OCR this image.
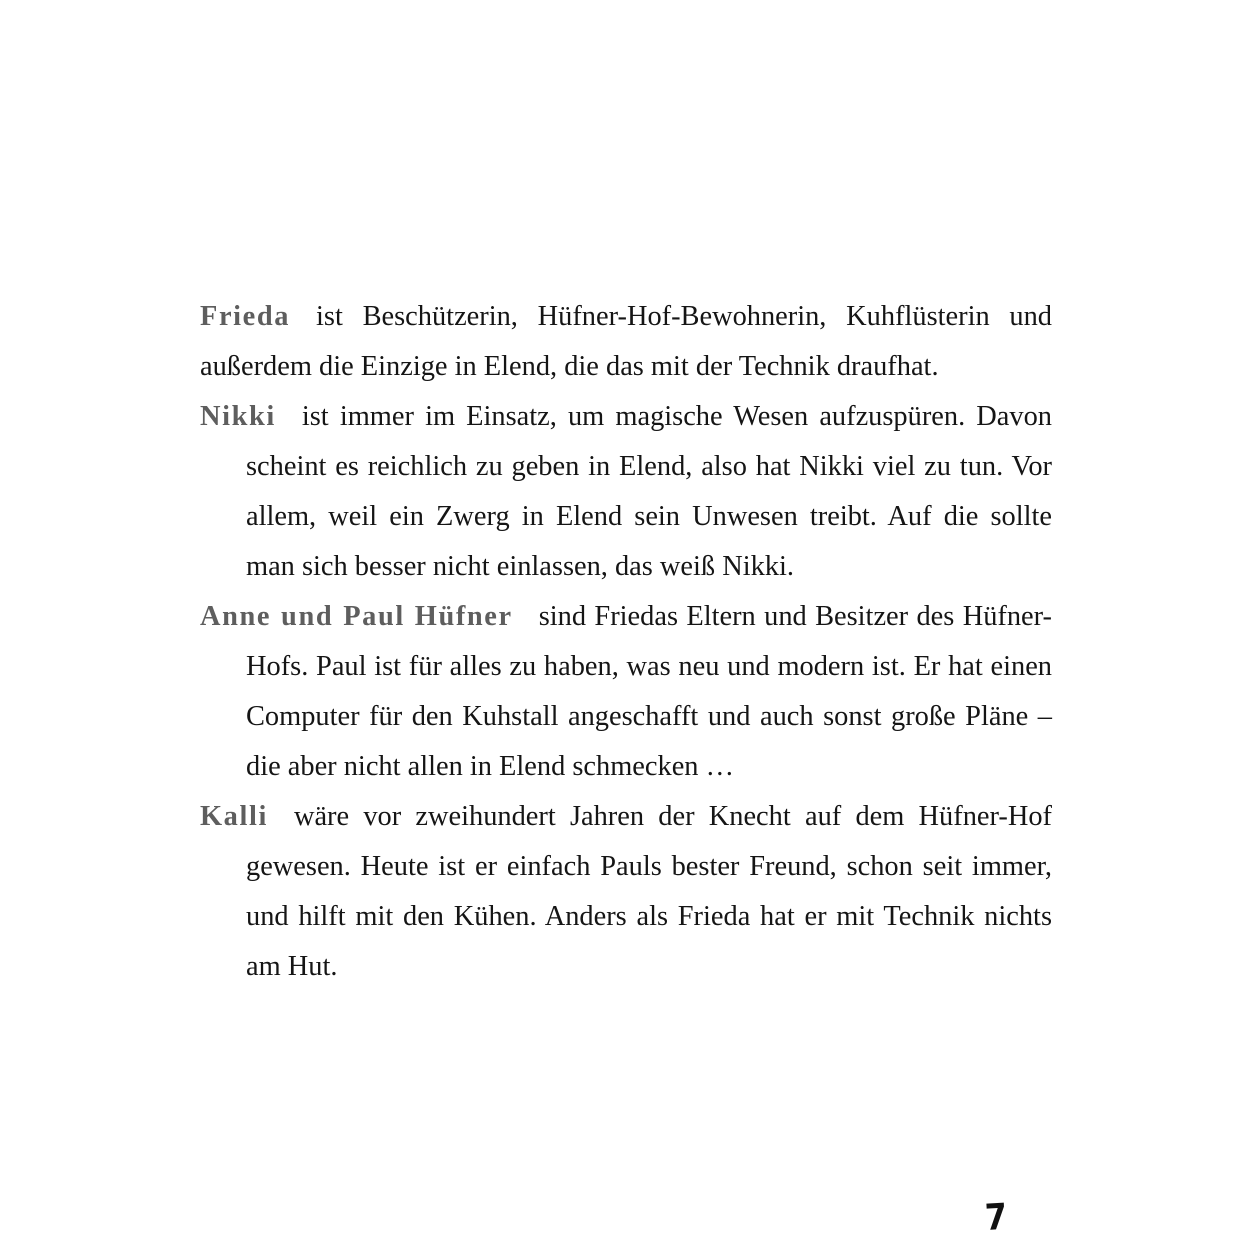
Frieda ist Beschützerin, Hüfner-Hof-Bewohnerin, Kuhflüsterin und außerdem die Einzige in Elend, die das mit der Technik draufhat.

Nikki ist immer im Einsatz, um magische Wesen aufzuspüren. Davon scheint es reichlich zu geben in Elend, also hat Nikki viel zu tun. Vor allem, weil ein Zwerg in Elend sein Unwesen treibt. Auf die sollte man sich besser nicht einlassen, das weiß Nikki.

Anne und Paul Hüfner sind Friedas Eltern und Besitzer des Hüfner-Hofs. Paul ist für alles zu haben, was neu und modern ist. Er hat einen Computer für den Kuhstall angeschafft und auch sonst große Pläne – die aber nicht allen in Elend schmecken …

Kalli wäre vor zweihundert Jahren der Knecht auf dem Hüfner-Hof gewesen. Heute ist er einfach Pauls bester Freund, schon seit immer, und hilft mit den Kühen. Anders als Frieda hat er mit Technik nichts am Hut.

7
